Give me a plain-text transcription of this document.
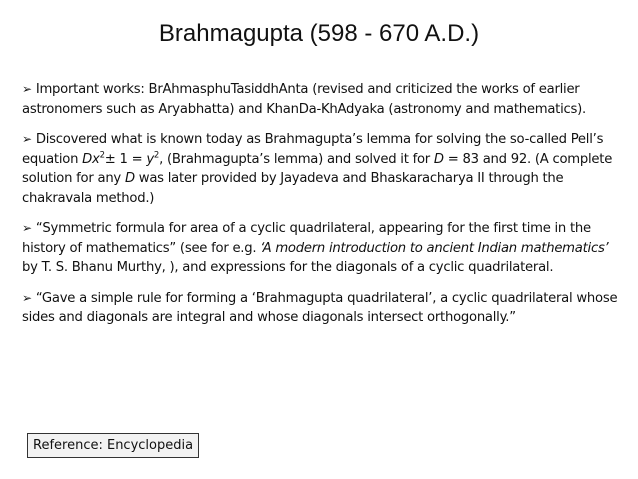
Brahmagupta (598 - 670 A.D.)
➢ Important works: BrAhmasphuTasiddhAnta (revised and criticized the works of earlier astronomers such as Aryabhatta) and KhanDa-KhAdyaka (astronomy and mathematics).
➢ Discovered what is known today as Brahmagupta’s lemma for solving the so-called Pell’s equation $Dx^2\pm 1 = y^2$, (Brahmagupta’s lemma) and solved it for D = 83 and 92. (A complete solution for any D was later provided by Jayadeva and Bhaskaracharya II through the chakravala method.)
➢ “Symmetric formula for area of a cyclic quadrilateral, appearing for the first time in the history of mathematics” (see for e.g. ‘A modern introduction to ancient Indian mathematics’ by T. S. Bhanu Murthy, ), and expressions for the diagonals of a cyclic quadrilateral.
➢ “Gave a simple rule for forming a ‘Brahmagupta quadrilateral’, a cyclic quadrilateral whose sides and diagonals are integral and whose diagonals intersect orthogonally.”
Reference: Encyclopedia
